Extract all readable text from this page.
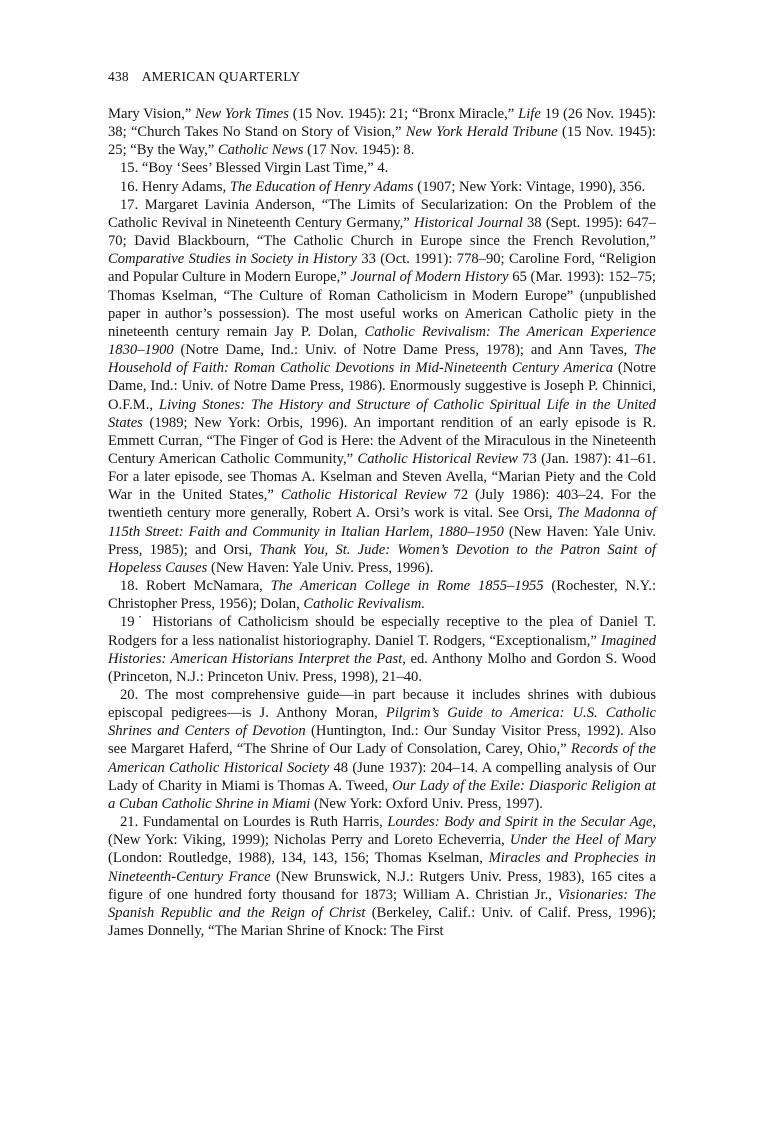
438 AMERICAN QUARTERLY

Mary Vision,” New York Times (15 Nov. 1945): 21; “Bronx Miracle,” Life 19 (26 Nov. 1945): 38; “Church Takes No Stand on Story of Vision,” New York Herald Tribune (15 Nov. 1945): 25; “By the Way,” Catholic News (17 Nov. 1945): 8.

15. “Boy ‘Sees’ Blessed Virgin Last Time,” 4.

16. Henry Adams, The Education of Henry Adams (1907; New York: Vintage, 1990), 356.

17. Margaret Lavinia Anderson, “The Limits of Secularization: On the Problem of the Catholic Revival in Nineteenth Century Germany,” Historical Journal 38 (Sept. 1995): 647–70; David Blackbourn, “The Catholic Church in Europe since the French Revolution,” Comparative Studies in Society in History 33 (Oct. 1991): 778–90; Caroline Ford, “Religion and Popular Culture in Modern Europe,” Journal of Modern History 65 (Mar. 1993): 152–75; Thomas Kselman, “The Culture of Roman Catholicism in Modern Europe” (unpublished paper in author’s possession). The most useful works on American Catholic piety in the nineteenth century remain Jay P. Dolan, Catholic Revivalism: The American Experience 1830–1900 (Notre Dame, Ind.: Univ. of Notre Dame Press, 1978); and Ann Taves, The Household of Faith: Roman Catholic Devotions in Mid-Nineteenth Century America (Notre Dame, Ind.: Univ. of Notre Dame Press, 1986). Enormously suggestive is Joseph P. Chinnici, O.F.M., Living Stones: The History and Structure of Catholic Spiritual Life in the United States (1989; New York: Orbis, 1996). An important rendition of an early episode is R. Emmett Curran, “The Finger of God is Here: the Advent of the Miraculous in the Nineteenth Century American Catholic Community,” Catholic Historical Review 73 (Jan. 1987): 41–61. For a later episode, see Thomas A. Kselman and Steven Avella, “Marian Piety and the Cold War in the United States,” Catholic Historical Review 72 (July 1986): 403–24. For the twentieth century more generally, Robert A. Orsi’s work is vital. See Orsi, The Madonna of 115th Street: Faith and Community in Italian Harlem, 1880–1950 (New Haven: Yale Univ. Press, 1985); and Orsi, Thank You, St. Jude: Women’s Devotion to the Patron Saint of Hopeless Causes (New Haven: Yale Univ. Press, 1996).

18. Robert McNamara, The American College in Rome 1855–1955 (Rochester, N.Y.: Christopher Press, 1956); Dolan, Catholic Revivalism.

19˙ Historians of Catholicism should be especially receptive to the plea of Daniel T. Rodgers for a less nationalist historiography. Daniel T. Rodgers, “Exceptionalism,” Imagined Histories: American Historians Interpret the Past, ed. Anthony Molho and Gordon S. Wood (Princeton, N.J.: Princeton Univ. Press, 1998), 21–40.

20. The most comprehensive guide—in part because it includes shrines with dubious episcopal pedigrees—is J. Anthony Moran, Pilgrim’s Guide to America: U.S. Catholic Shrines and Centers of Devotion (Huntington, Ind.: Our Sunday Visitor Press, 1992). Also see Margaret Haferd, “The Shrine of Our Lady of Consolation, Carey, Ohio,” Records of the American Catholic Historical Society 48 (June 1937): 204–14. A compelling analysis of Our Lady of Charity in Miami is Thomas A. Tweed, Our Lady of the Exile: Diasporic Religion at a Cuban Catholic Shrine in Miami (New York: Oxford Univ. Press, 1997).

21. Fundamental on Lourdes is Ruth Harris, Lourdes: Body and Spirit in the Secular Age, (New York: Viking, 1999); Nicholas Perry and Loreto Echeverria, Under the Heel of Mary (London: Routledge, 1988), 134, 143, 156; Thomas Kselman, Miracles and Prophecies in Nineteenth-Century France (New Brunswick, N.J.: Rutgers Univ. Press, 1983), 165 cites a figure of one hundred forty thousand for 1873; William A. Christian Jr., Visionaries: The Spanish Republic and the Reign of Christ (Berkeley, Calif.: Univ. of Calif. Press, 1996); James Donnelly, “The Marian Shrine of Knock: The First
